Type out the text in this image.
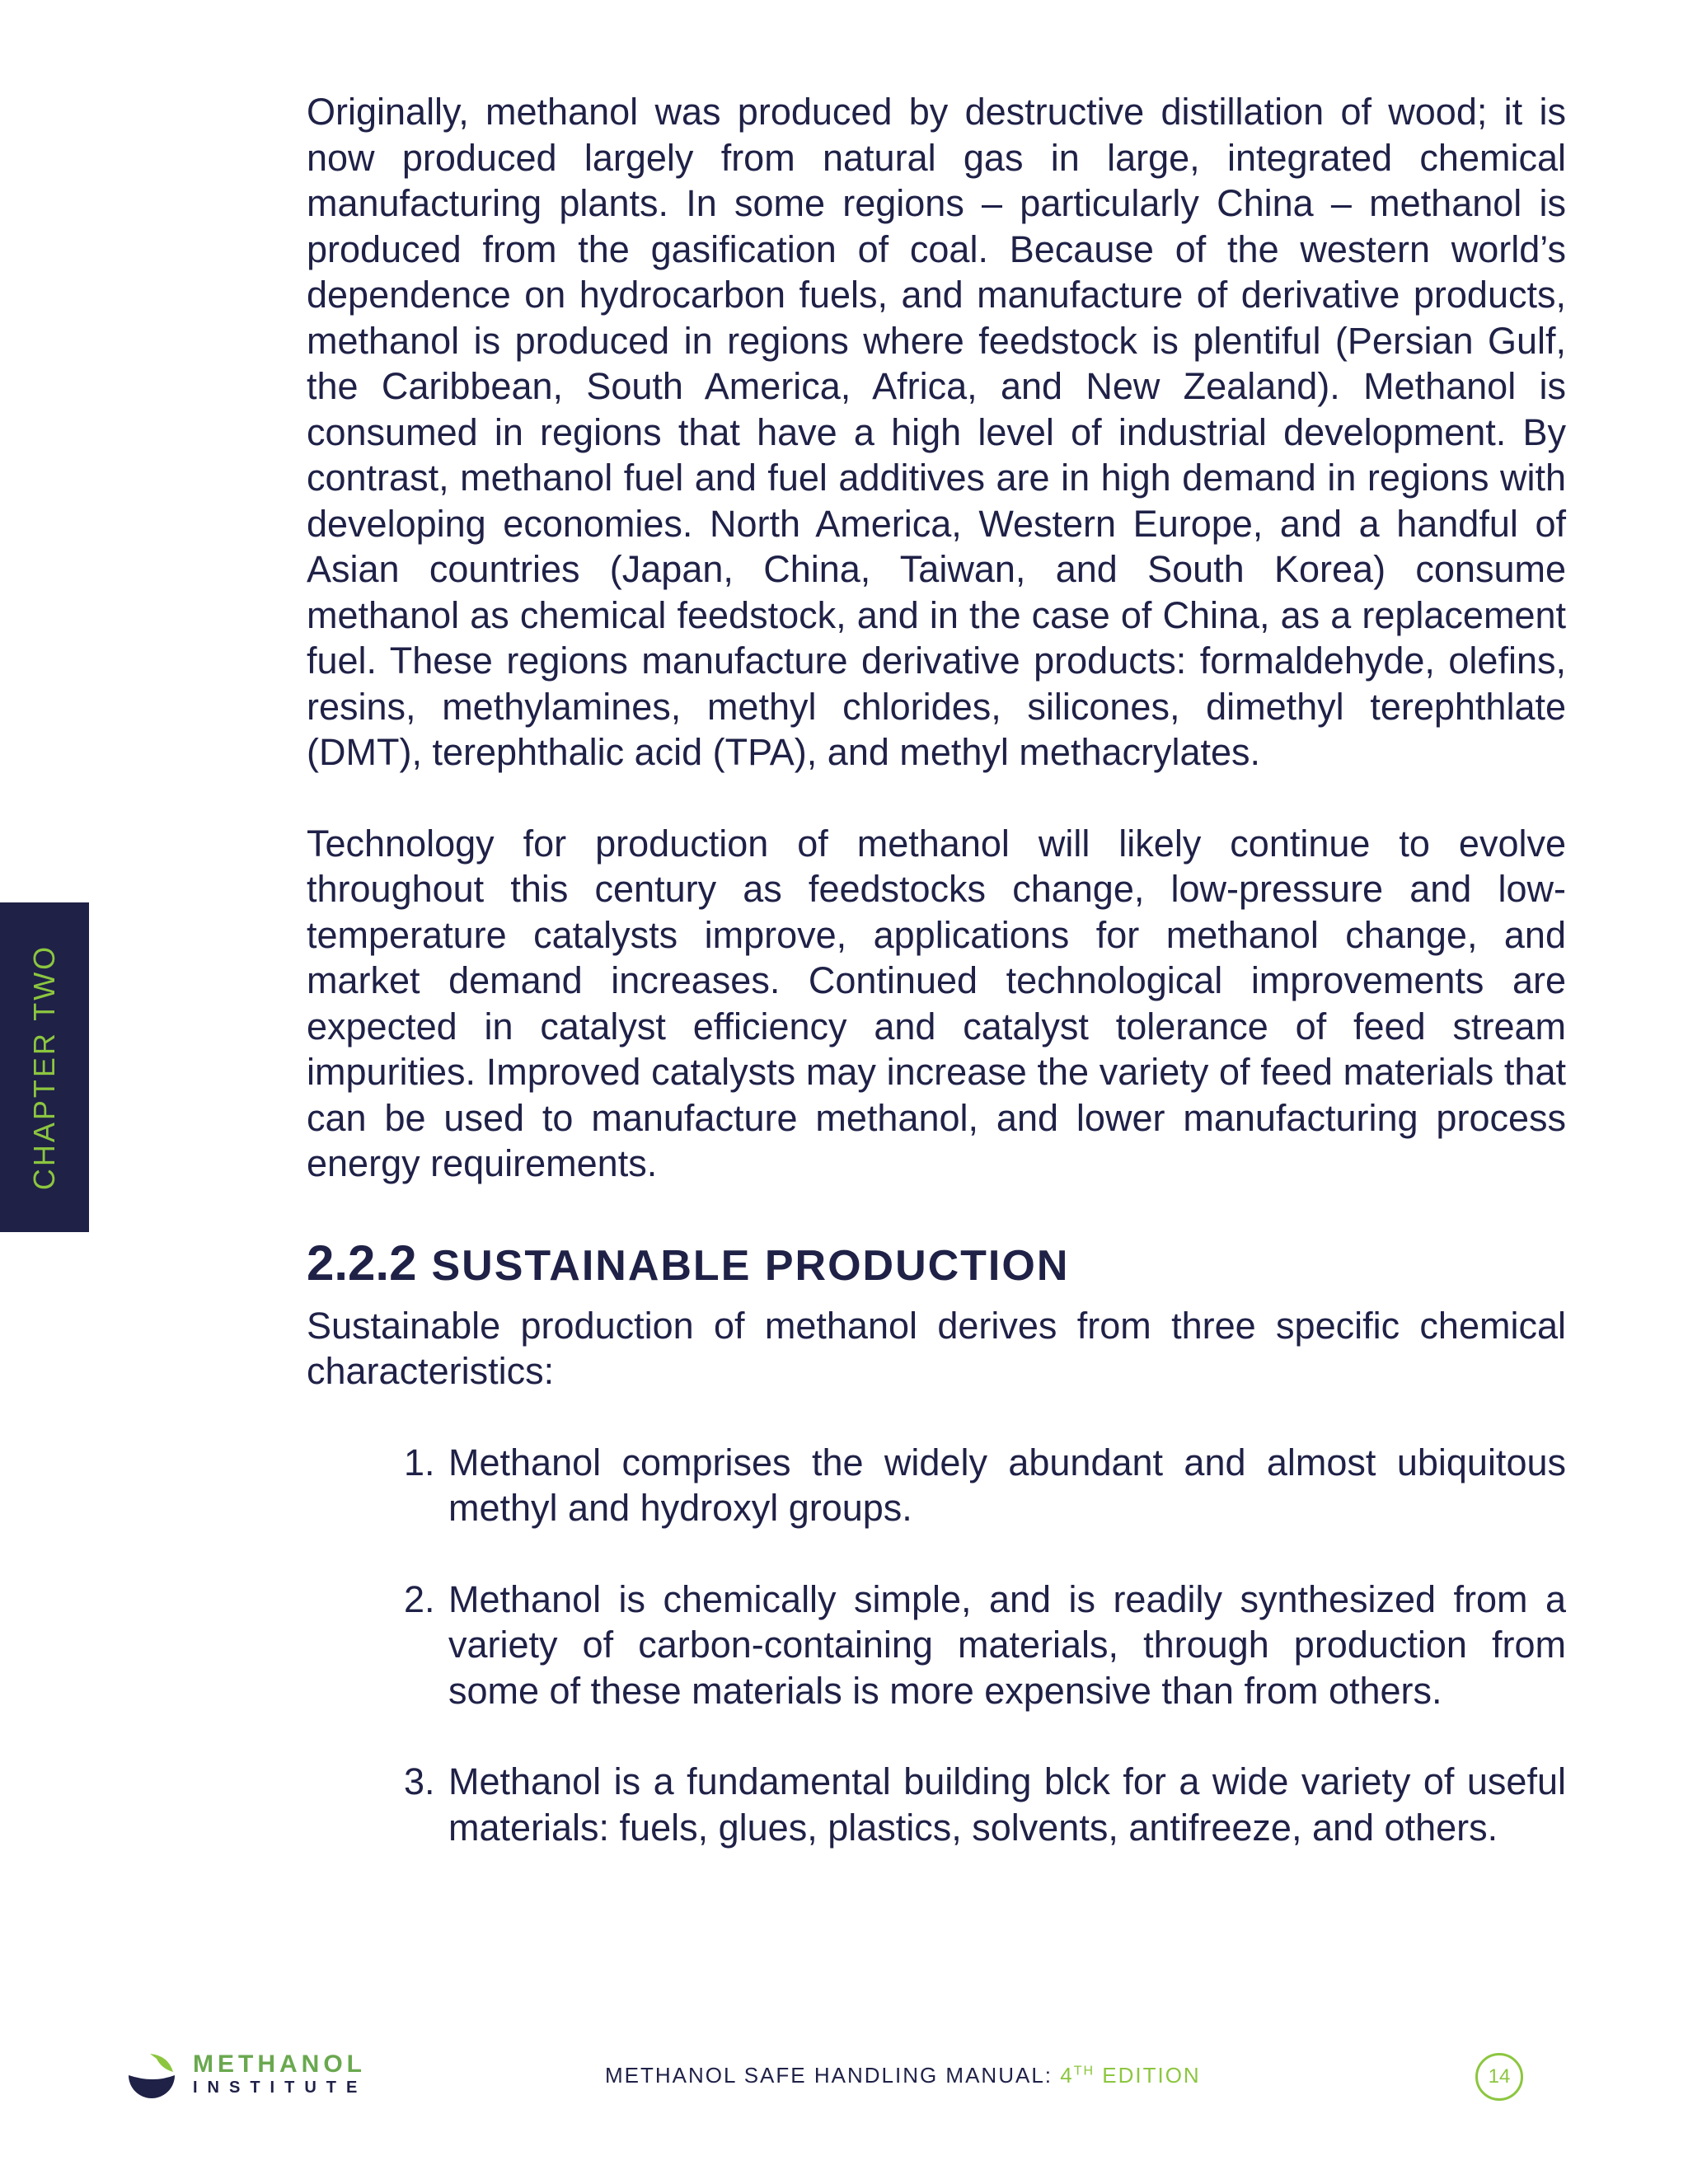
CHAPTER TWO

Originally, methanol was produced by destructive distillation of wood; it is now produced largely from natural gas in large, integrated chemical manufacturing plants. In some regions – particularly China – methanol is produced from the gasification of coal. Because of the western world’s dependence on hydrocarbon fuels, and manufacture of derivative products, methanol is produced in regions where feedstock is plentiful (Persian Gulf, the Caribbean, South America, Africa, and New Zealand). Methanol is consumed in regions that have a high level of industrial development. By contrast, methanol fuel and fuel additives are in high demand in regions with developing economies. North America, Western Europe, and a handful of Asian countries (Japan, China, Taiwan, and South Korea) consume methanol as chemical feedstock, and in the case of China, as a replacement fuel. These regions manufacture derivative products: formaldehyde, olefins, resins, methylamines, methyl chlorides, silicones, dimethyl terephthlate (DMT), terephthalic acid (TPA), and methyl methacrylates.

Technology for production of methanol will likely continue to evolve throughout this century as feedstocks change, low-pressure and low-temperature catalysts improve, applications for methanol change, and market demand increases. Continued technological improvements are expected in catalyst efficiency and catalyst tolerance of feed stream impurities. Improved catalysts may increase the variety of feed materials that can be used to manufacture methanol, and lower manufacturing process energy requirements.

2.2.2 SUSTAINABLE PRODUCTION

Sustainable production of methanol derives from three specific chemical characteristics:

1. Methanol comprises the widely abundant and almost ubiquitous methyl and hydroxyl groups.
2. Methanol is chemically simple, and is readily synthesized from a variety of carbon-containing materials, through production from some of these materials is more expensive than from others.
3. Methanol is a fundamental building blck for a wide variety of useful materials: fuels, glues, plastics, solvents, antifreeze, and others.
METHANOL
INSTITUTE	METHANOL SAFE HANDLING MANUAL: 4TH EDITION	14
